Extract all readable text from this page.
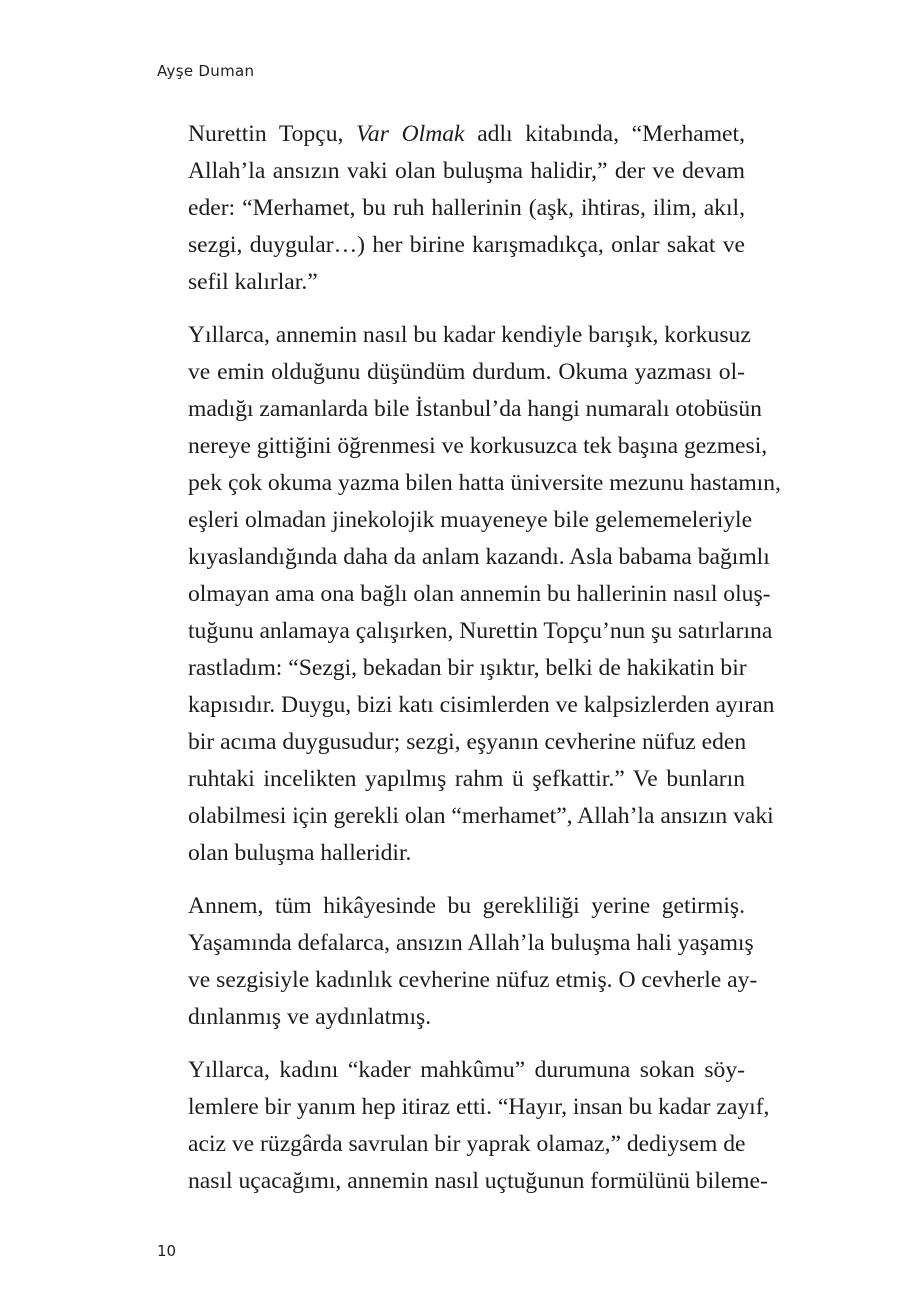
Ayşe Duman
Nurettin Topçu, Var Olmak adlı kitabında, “Merhamet,
Allah’la ansızın vaki olan buluşma halidir,” der ve devam
eder: “Merhamet, bu ruh hallerinin (aşk, ihtiras, ilim, akıl,
sezgi, duygular…) her birine karışmadıkça, onlar sakat ve
sefil kalırlar.”
Yıllarca, annemin nasıl bu kadar kendiyle barışık, korkusuz
ve emin olduğunu düşündüm durdum. Okuma yazması ol-
madığı zamanlarda bile İstanbul’da hangi numaralı otobüsün
nereye gittiğini öğrenmesi ve korkusuzca tek başına gezmesi,
pek çok okuma yazma bilen hatta üniversite mezunu hastamın,
eşleri olmadan jinekolojik muayeneye bile gelememeleriyle
kıyaslandığında daha da anlam kazandı. Asla babama bağımlı
olmayan ama ona bağlı olan annemin bu hallerinin nasıl oluş-
tuğunu anlamaya çalışırken, Nurettin Topçu’nun şu satırlarına
rastladım: “Sezgi, bekadan bir ışıktır, belki de hakikatin bir
kapısıdır. Duygu, bizi katı cisimlerden ve kalpsizlerden ayıran
bir acıma duygusudur; sezgi, eşyanın cevherine nüfuz eden
ruhtaki incelikten yapılmış rahm ü şefkattir.” Ve bunların
olabilmesi için gerekli olan “merhamet”, Allah’la ansızın vaki
olan buluşma halleridir.
Annem, tüm hikâyesinde bu gerekliliği yerine getirmiş.
Yaşamında defalarca, ansızın Allah’la buluşma hali yaşamış
ve sezgisiyle kadınlık cevherine nüfuz etmiş. O cevherle ay-
dınlanmış ve aydınlatmış.
Yıllarca, kadını “kader mahkûmu” durumuna sokan söy-
lemlere bir yanım hep itiraz etti. “Hayır, insan bu kadar zayıf,
aciz ve rüzgârda savrulan bir yaprak olamaz,” dediysem de
nasıl uçacağımı, annemin nasıl uçtuğunun formülünü bileme-
10
